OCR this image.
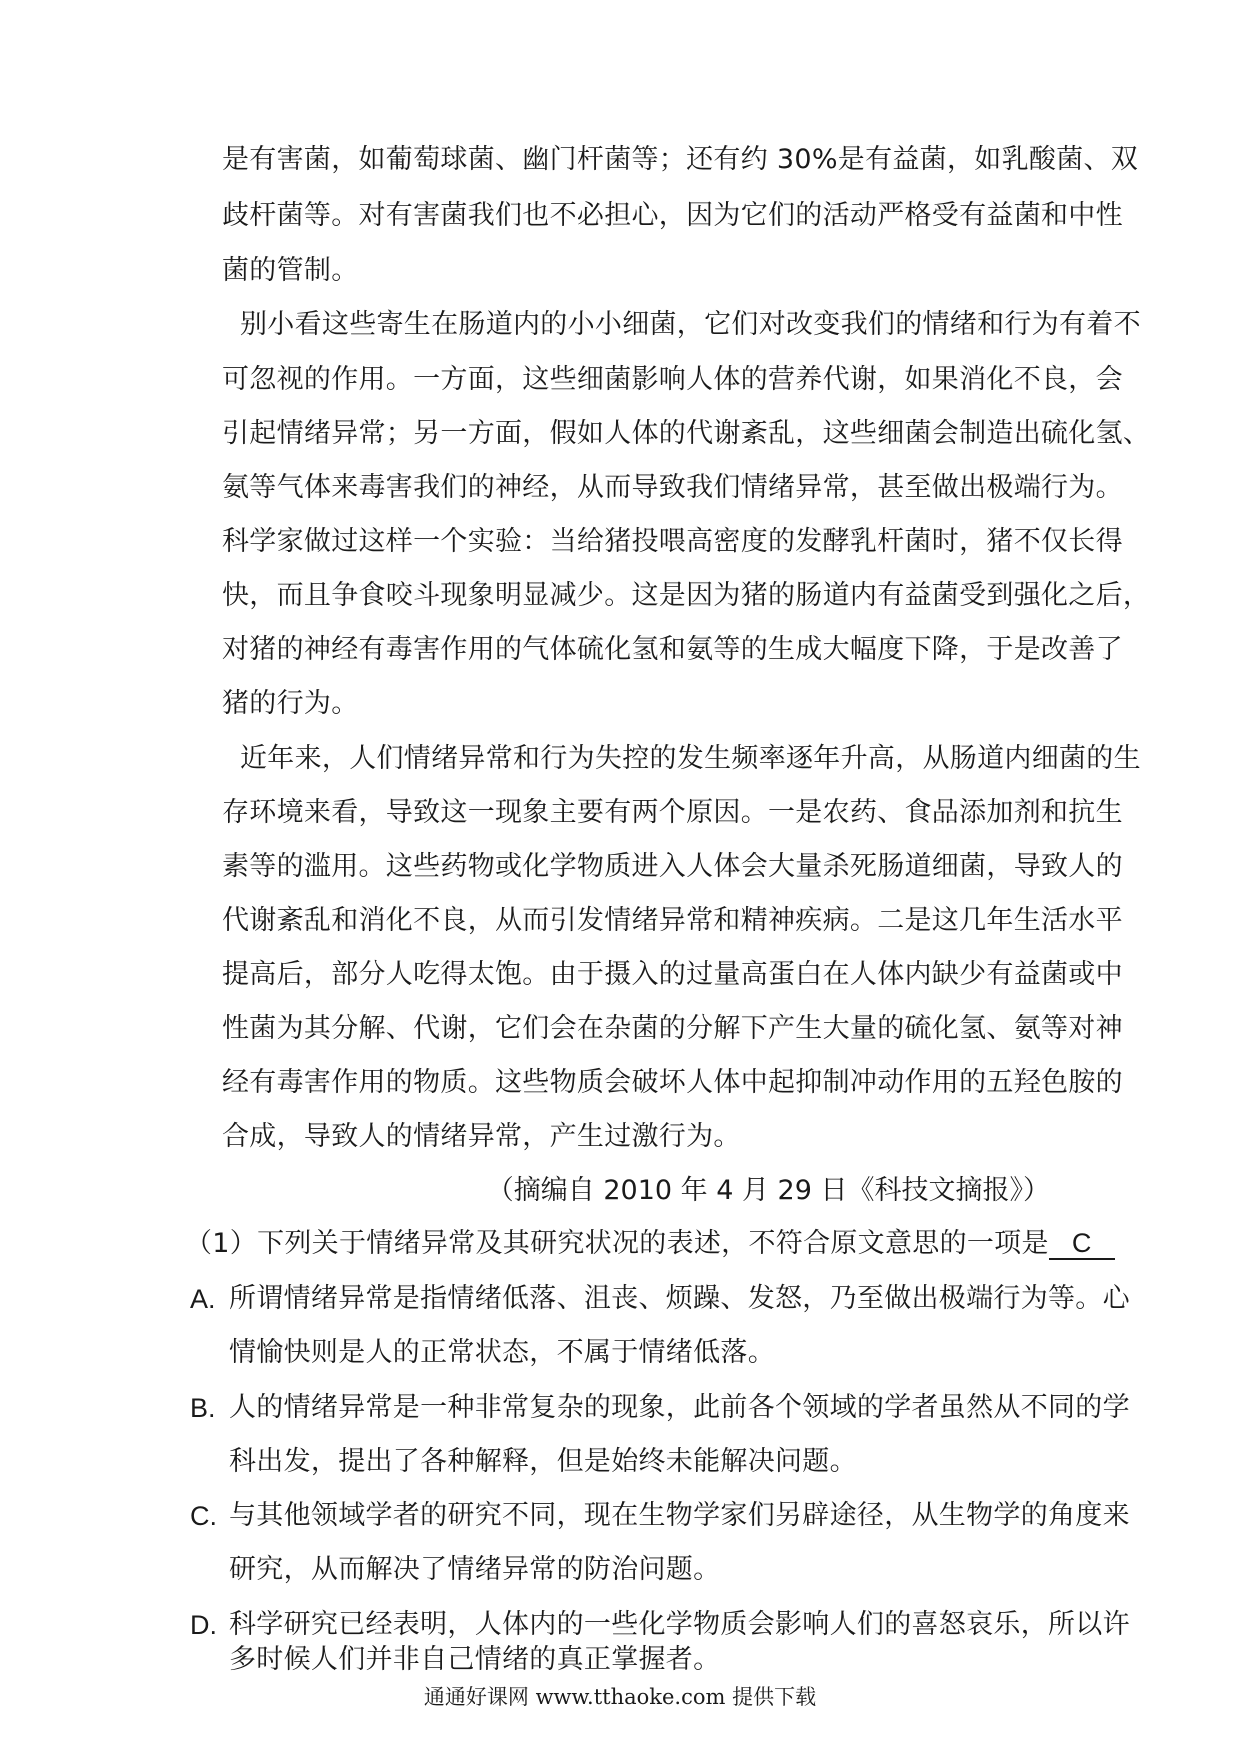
是有害菌，如葡萄球菌、幽门杆菌等；还有约 30%是有益菌，如乳酸菌、双
歧杆菌等。对有害菌我们也不必担心，因为它们的活动严格受有益菌和中性
菌的管制。
别小看这些寄生在肠道内的小小细菌，它们对改变我们的情绪和行为有着不
可忽视的作用。一方面，这些细菌影响人体的营养代谢，如果消化不良，会
引起情绪异常；另一方面，假如人体的代谢紊乱，这些细菌会制造出硫化氢、
氨等气体来毒害我们的神经，从而导致我们情绪异常，甚至做出极端行为。
科学家做过这样一个实验：当给猪投喂高密度的发酵乳杆菌时，猪不仅长得
快，而且争食咬斗现象明显减少。这是因为猪的肠道内有益菌受到强化之后，
对猪的神经有毒害作用的气体硫化氢和氨等的生成大幅度下降，于是改善了
猪的行为。
近年来，人们情绪异常和行为失控的发生频率逐年升高，从肠道内细菌的生
存环境来看，导致这一现象主要有两个原因。一是农药、食品添加剂和抗生
素等的滥用。这些药物或化学物质进入人体会大量杀死肠道细菌，导致人的
代谢紊乱和消化不良，从而引发情绪异常和精神疾病。二是这几年生活水平
提高后，部分人吃得太饱。由于摄入的过量高蛋白在人体内缺少有益菌或中
性菌为其分解、代谢，它们会在杂菌的分解下产生大量的硫化氢、氨等对神
经有毒害作用的物质。这些物质会破坏人体中起抑制冲动作用的五羟色胺的
合成，导致人的情绪异常，产生过激行为。
（摘编自 2010 年 4 月 29 日《科技文摘报》）
（1）下列关于情绪异常及其研究状况的表述，不符合原文意思的一项是 C
A. 所谓情绪异常是指情绪低落、沮丧、烦躁、发怒，乃至做出极端行为等。心
情愉快则是人的正常状态，不属于情绪低落。
B. 人的情绪异常是一种非常复杂的现象，此前各个领域的学者虽然从不同的学
科出发，提出了各种解释，但是始终未能解决问题。
C. 与其他领域学者的研究不同，现在生物学家们另辟途径，从生物学的角度来
研究，从而解决了情绪异常的防治问题。
D. 科学研究已经表明，人体内的一些化学物质会影响人们的喜怒哀乐，所以许
通通好课网 www.tthaoke.com 提供下载
多时候人们并非自己情绪的真正掌握者。
